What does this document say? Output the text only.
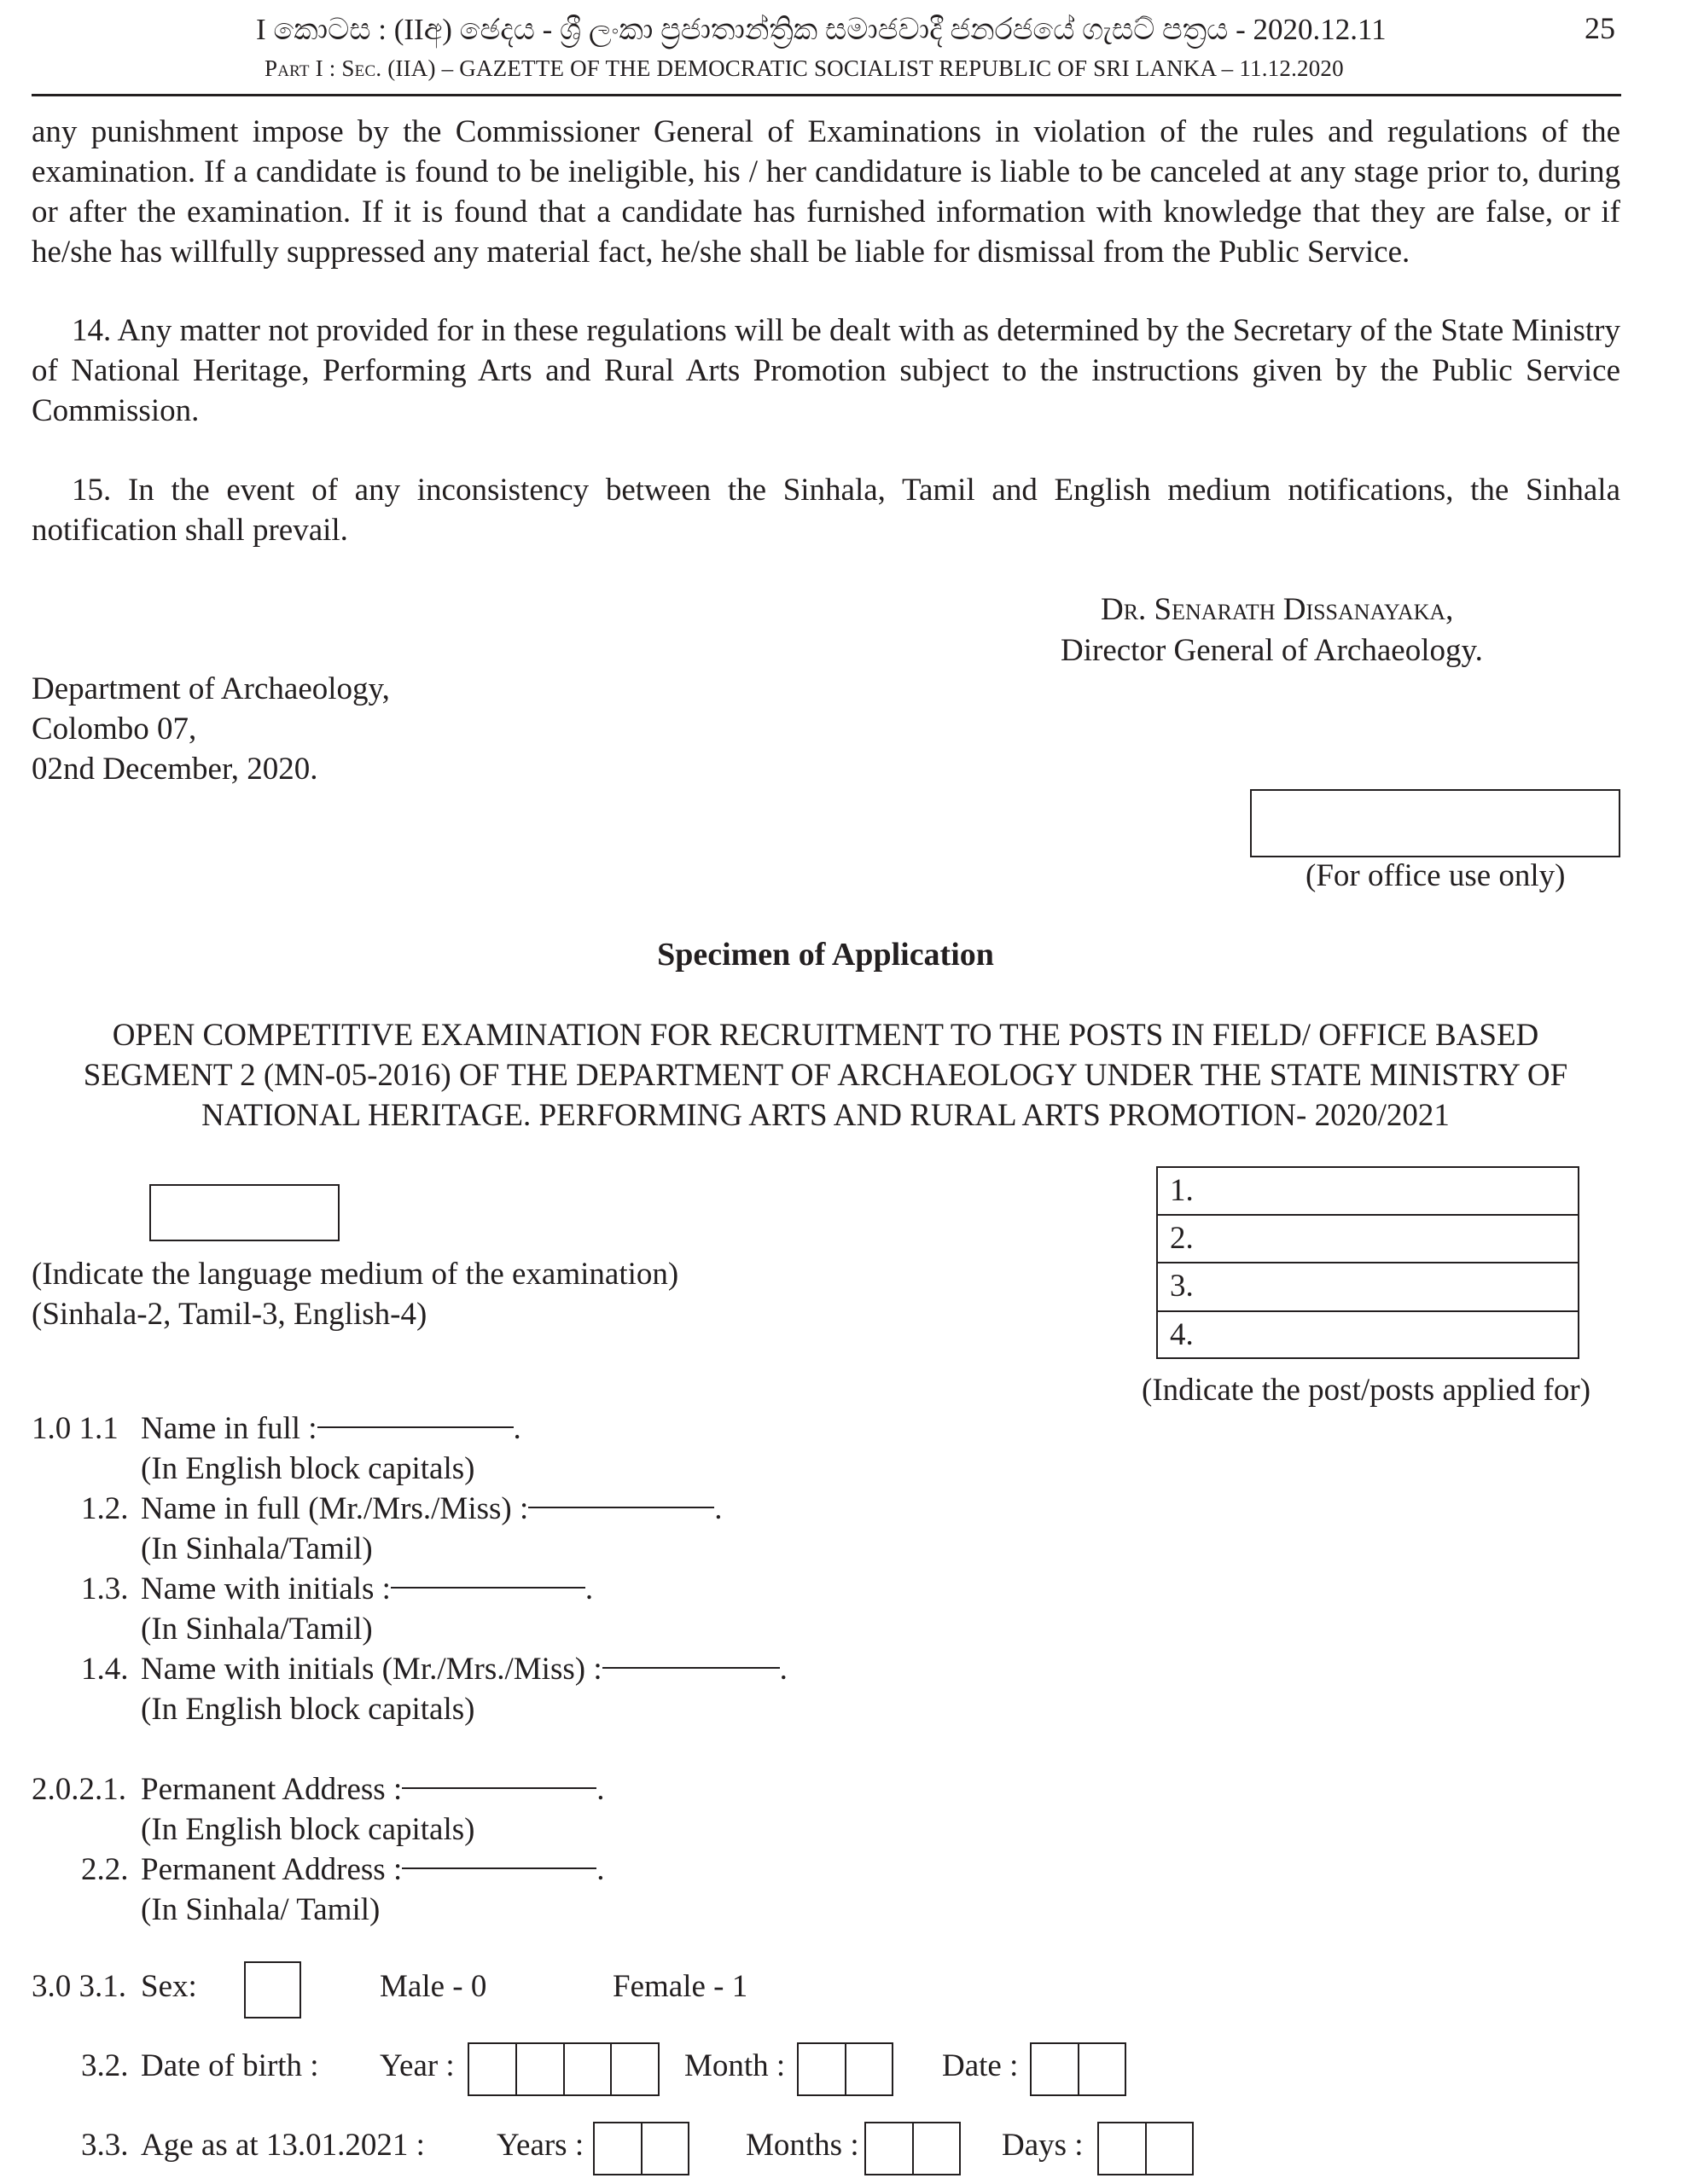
I කොටස : (IIඅ) ඡෙදය - ශ්‍රී ලංකා ප්‍රජාතාන්ත්‍රික සමාජවාදී ජනරජයේ ගැසට් පත්‍රය - 2020.12.11	25
Part I : Sec. (IIA) – GAZETTE OF THE DEMOCRATIC SOCIALIST REPUBLIC OF SRI LANKA – 11.12.2020

any punishment impose by the Commissioner General of Examinations in violation of the rules and regulations of the examination. If a candidate is found to be ineligible, his / her candidature is liable to be canceled at any stage prior to, during or after the examination. If it is found that a candidate has furnished information with knowledge that they are false, or if he/she has willfully suppressed any material fact, he/she shall be liable for dismissal from the Public Service.

14. Any matter not provided for in these regulations will be dealt with as determined by the Secretary of the State Ministry of National Heritage, Performing Arts and Rural Arts Promotion subject to the instructions given by the Public Service Commission.

15. In the event of any inconsistency between the Sinhala, Tamil and English medium notifications, the Sinhala notification shall prevail.

Dr. Senarath Dissanayaka,
Director General of Archaeology.
Department of Archaeology,
Colombo 07,
02nd December, 2020.
(For office use only)
Specimen of Application
OPEN COMPETITIVE EXAMINATION FOR RECRUITMENT TO THE POSTS IN FIELD/ OFFICE BASED
SEGMENT 2 (MN-05-2016) OF THE DEPARTMENT OF ARCHAEOLOGY UNDER THE STATE MINISTRY OF
NATIONAL HERITAGE. PERFORMING ARTS AND RURAL ARTS PROMOTION- 2020/2021
(Indicate the language medium of the examination)
(Sinhala-2, Tamil-3, English-4)
1.
2.
3.
4.
(Indicate the post/posts applied for)
1.0 1.1 Name in full :	.
(In English block capitals)
1.2. Name in full (Mr./Mrs./Miss) :	.
(In Sinhala/Tamil)
1.3. Name with initials :	.
(In Sinhala/Tamil)
1.4. Name with initials (Mr./Mrs./Miss) :	.
(In English block capitals)
2.0.2.1. Permanent Address :	.
(In English block capitals)
2.2. Permanent Address :	.
(In Sinhala/ Tamil)
3.0 3.1. Sex:	Male - 0	Female - 1
3.2. Date of birth : Year :	Month :	Date :
3.3. Age as at 13.01.2021 : Years :	Months :	Days :
